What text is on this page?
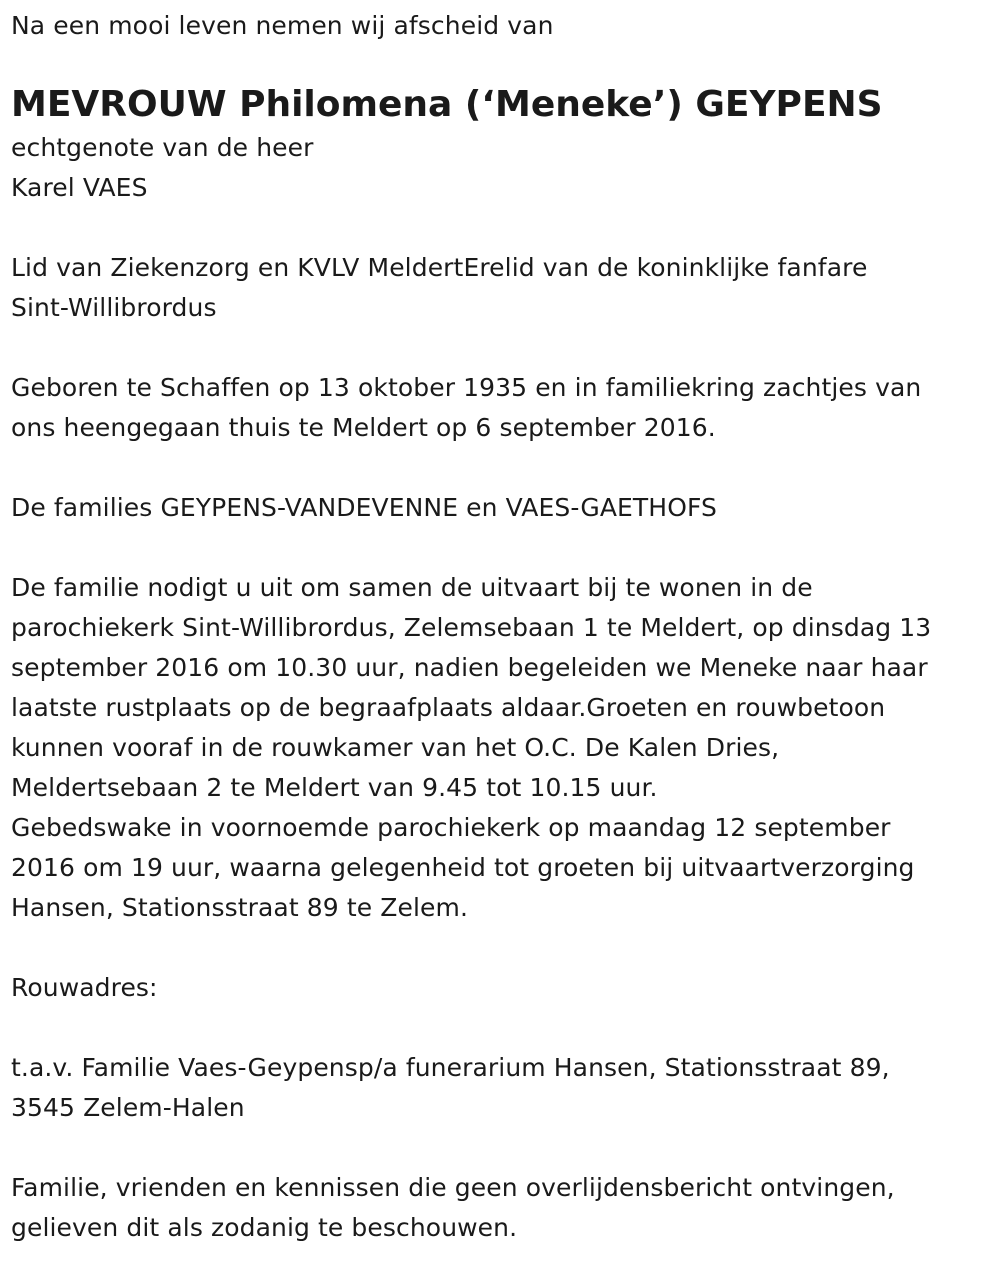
Na een mooi leven nemen wij afscheid van
MEVROUW Philomena (‘Meneke’) GEYPENS
echtgenote van de heer
Karel VAES
Lid van Ziekenzorg en KVLV MeldertErelid van de koninklijke fanfare
Sint-Willibrordus
Geboren te Schaffen op 13 oktober 1935 en in familiekring zachtjes van
ons heengegaan thuis te Meldert op 6 september 2016.
De families GEYPENS-VANDEVENNE en VAES-GAETHOFS
De familie nodigt u uit om samen de uitvaart bij te wonen in de
parochiekerk Sint-Willibrordus, Zelemsebaan 1 te Meldert, op dinsdag 13
september 2016 om 10.30 uur, nadien begeleiden we Meneke naar haar
laatste rustplaats op de begraafplaats aldaar.Groeten en rouwbetoon
kunnen vooraf in de rouwkamer van het O.C. De Kalen Dries,
Meldertsebaan 2 te Meldert van 9.45 tot 10.15 uur.
Gebedswake in voornoemde parochiekerk op maandag 12 september
2016 om 19 uur, waarna gelegenheid tot groeten bij uitvaartverzorging
Hansen, Stationsstraat 89 te Zelem.
Rouwadres:
t.a.v. Familie Vaes-Geypensp/a funerarium Hansen, Stationsstraat 89,
3545 Zelem-Halen
Familie, vrienden en kennissen die geen overlijdensbericht ontvingen,
gelieven dit als zodanig te beschouwen.
